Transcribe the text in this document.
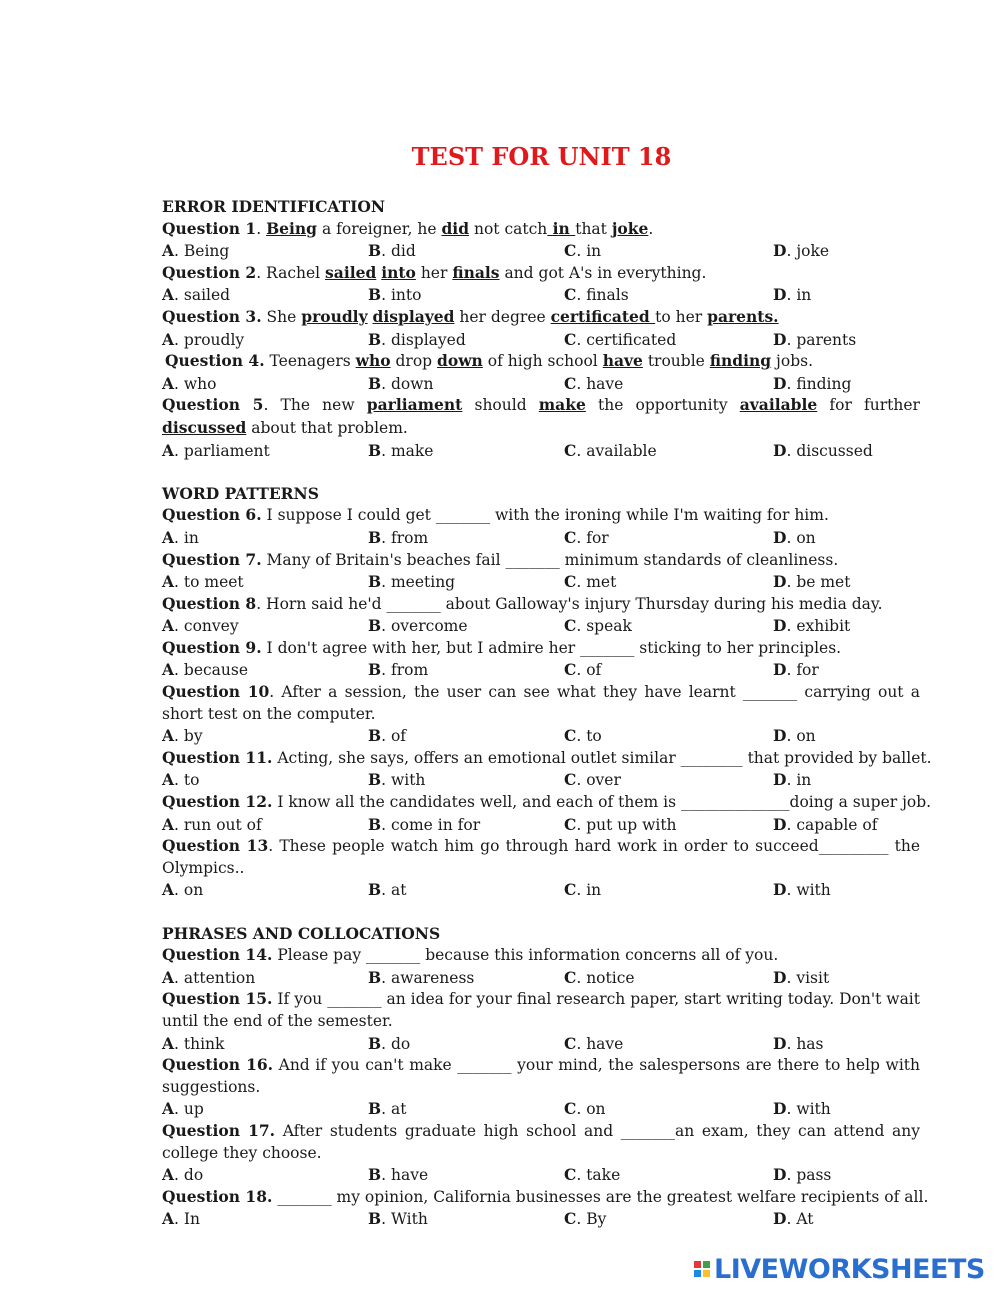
TEST FOR UNIT 18
ERROR IDENTIFICATION
Question 1. Being a foreigner, he did not catch in that joke.
A. Being	B. did	C. in	D. joke
Question 2. Rachel sailed into her finals and got A's in everything.
A. sailed	B. into	C. finals	D. in
Question 3. She proudly displayed her degree certificated to her parents.
A. proudly	B. displayed	C. certificated	D. parents
Question 4. Teenagers who drop down of high school have trouble finding jobs.
A. who	B. down	C. have	D. finding
Question 5. The new parliament should make the opportunity available for further discussed about that problem.
A. parliament	B. make	C. available	D. discussed
WORD PATTERNS
Question 6. I suppose I could get _______ with the ironing while I'm waiting for him.
A. in	B. from	C. for	D. on
Question 7. Many of Britain's beaches fail _______ minimum standards of cleanliness.
A. to meet	B. meeting	C. met	D. be met
Question 8. Horn said he'd _______ about Galloway's injury Thursday during his media day.
A. convey	B. overcome	C. speak	D. exhibit
Question 9. I don't agree with her, but I admire her _______ sticking to her principles.
A. because	B. from	C. of	D. for
Question 10. After a session, the user can see what they have learnt _______ carrying out a short test on the computer.
A. by	B. of	C. to	D. on
Question 11. Acting, she says, offers an emotional outlet similar ________ that provided by ballet.
A. to	B. with	C. over	D. in
Question 12. I know all the candidates well, and each of them is ______________doing a super job.
A. run out of	B. come in for	C. put up with	D. capable of
Question 13. These people watch him go through hard work in order to succeed_________ the Olympics..
A. on	B. at	C. in	D. with
PHRASES AND COLLOCATIONS
Question 14. Please pay _______ because this information concerns all of you.
A. attention	B. awareness	C. notice	D. visit
Question 15. If you _______ an idea for your final research paper, start writing today. Don't wait until the end of the semester.
A. think	B. do	C. have	D. has
Question 16. And if you can't make _______ your mind, the salespersons are there to help with suggestions.
A. up	B. at	C. on	D. with
Question 17. After students graduate high school and _______an exam, they can attend any college they choose.
A. do	B. have	C. take	D. pass
Question 18. _______ my opinion, California businesses are the greatest welfare recipients of all.
A. In	B. With	C. By	D. At
LIVEWORKSHEETS
